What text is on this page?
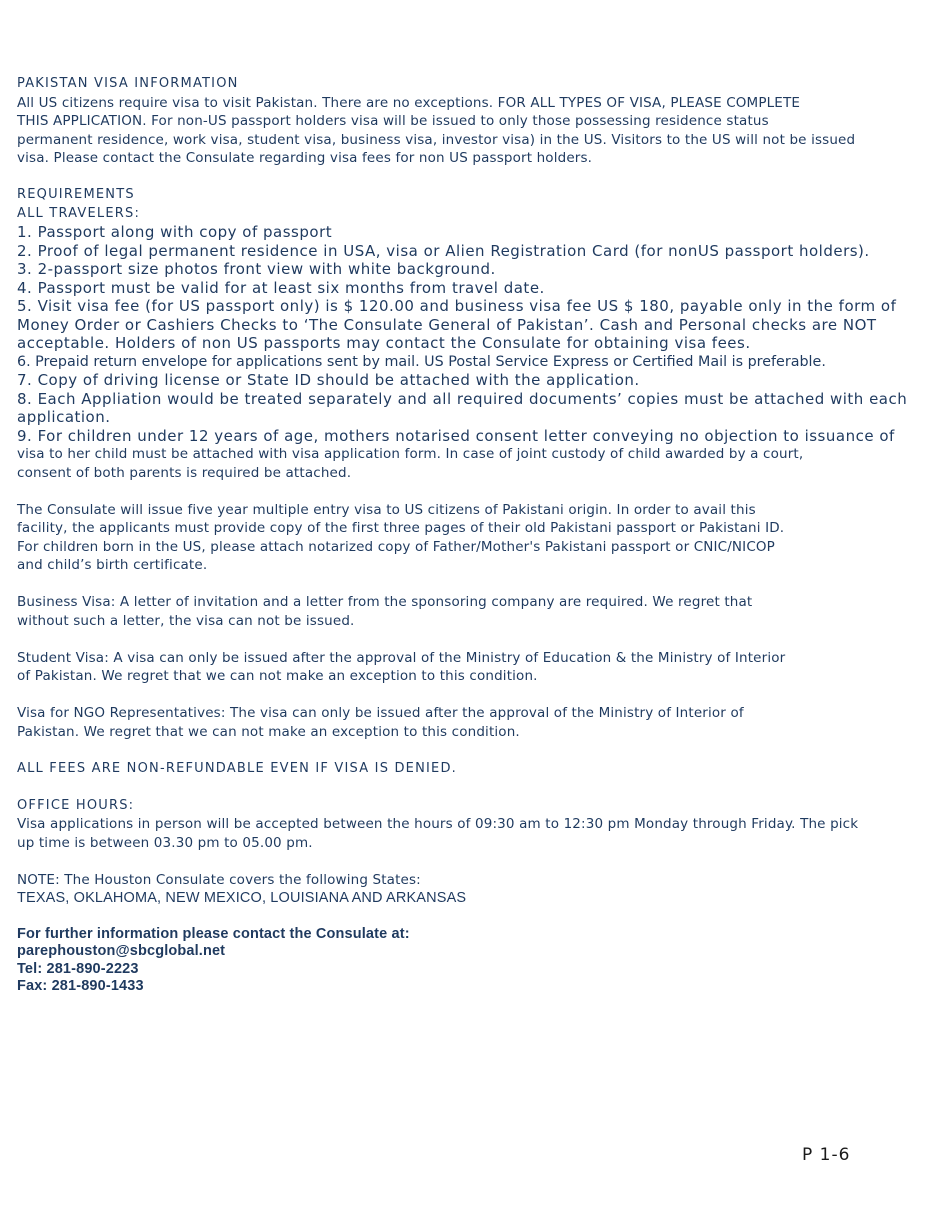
PAKISTAN VISA INFORMATION
All US citizens require visa to visit Pakistan. There are no exceptions. FOR ALL TYPES OF VISA, PLEASE COMPLETE
THIS APPLICATION. For non-US passport holders visa will be issued to only those possessing residence status
permanent residence, work visa, student visa, business visa, investor visa) in the US. Visitors to the US will not be issued
visa. Please contact the Consulate regarding visa fees for non US passport holders.
REQUIREMENTS
ALL TRAVELERS:
1. Passport along with copy of passport
2. Proof of legal permanent residence in USA, visa or Alien Registration Card (for nonUS passport holders).
3. 2-passport size photos front view with white background.
4. Passport must be valid for at least six months from travel date.
5. Visit visa fee (for US passport only) is $ 120.00 and business visa fee US $ 180, payable only in the form of
Money Order or Cashiers Checks to ‘The Consulate General of Pakistan’. Cash and Personal checks are NOT
acceptable. Holders of non US passports may contact the Consulate for obtaining visa fees.
6. Prepaid return envelope for applications sent by mail. US Postal Service Express or Certified Mail is preferable.
7. Copy of driving license or State ID should be attached with the application.
8. Each Appliation would be treated separately and all required documents’ copies must be attached with each
application.
9. For children under 12 years of age, mothers notarised consent letter conveying no objection to issuance of
visa to her child must be attached with visa application form. In case of joint custody of child awarded by a court,
consent of both parents is required be attached.
The Consulate will issue five year multiple entry visa to US citizens of Pakistani origin. In order to avail this
facility, the applicants must provide copy of the first three pages of their old Pakistani passport or Pakistani ID.
For children born in the US, please attach notarized copy of Father/Mother's Pakistani passport or CNIC/NICOP
and child’s birth certificate.
Business Visa: A letter of invitation and a letter from the sponsoring company are required. We regret that
without such a letter, the visa can not be issued.
Student Visa: A visa can only be issued after the approval of the Ministry of Education & the Ministry of Interior
of Pakistan. We regret that we can not make an exception to this condition.
Visa for NGO Representatives: The visa can only be issued after the approval of the Ministry of Interior of
Pakistan. We regret that we can not make an exception to this condition.
ALL FEES ARE NON-REFUNDABLE EVEN IF VISA IS DENIED.
OFFICE HOURS:
Visa applications in person will be accepted between the hours of 09:30 am to 12:30 pm Monday through Friday. The pick
up time is between 03.30 pm to 05.00 pm.
NOTE: The Houston Consulate covers the following States:
TEXAS, OKLAHOMA, NEW MEXICO, LOUISIANA AND ARKANSAS
For further information please contact the Consulate at:
parephouston@sbcglobal.net
Tel: 281-890-2223
Fax: 281-890-1433
P 1-6
